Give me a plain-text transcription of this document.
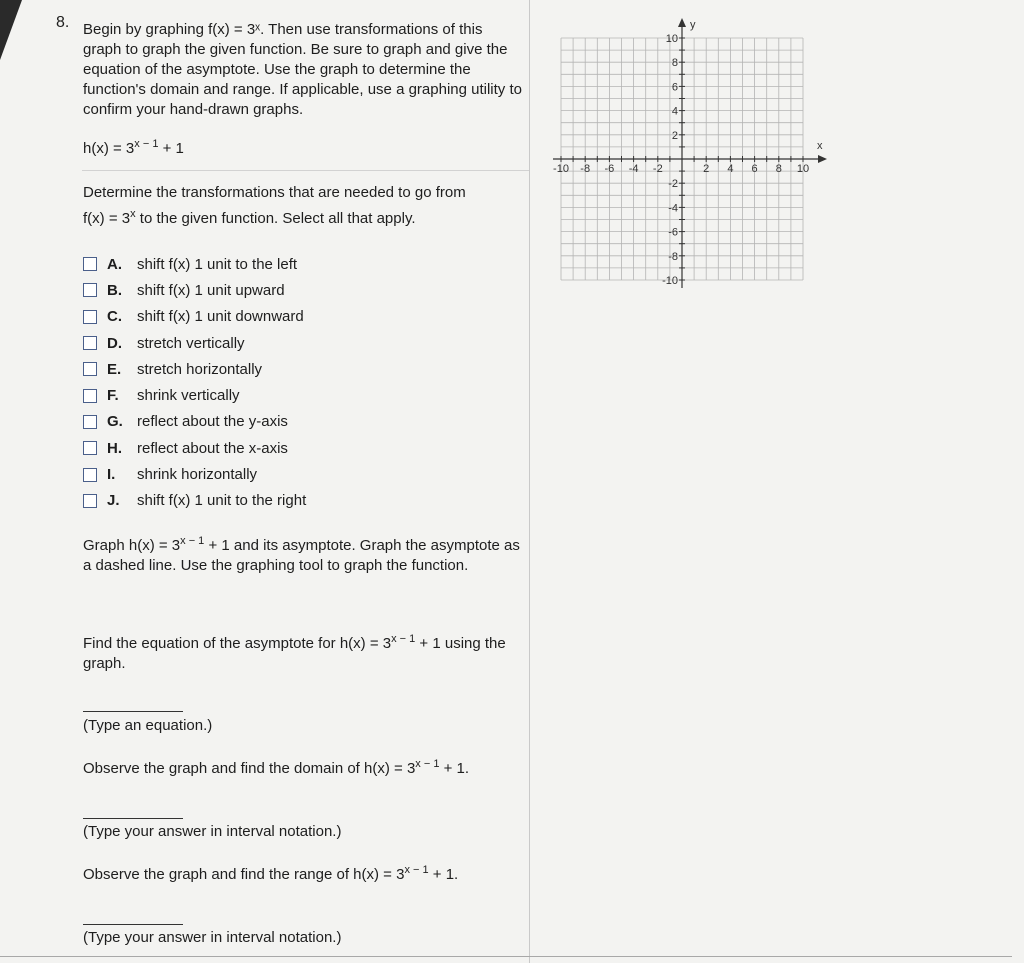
8. Begin by graphing f(x) = 3ˣ. Then use transformations of this graph to graph the given function. Be sure to graph and give the equation of the asymptote. Use the graph to determine the function's domain and range. If applicable, use a graphing utility to confirm your hand-drawn graphs.
$h(x) = 3^{x - 1} + 1$
Determine the transformations that are needed to go from
$f(x) = 3^x$ to the given function. Select all that apply.
A.	shift f(x) 1 unit to the left
B.	shift f(x) 1 unit upward
C.	shift f(x) 1 unit downward
D.	stretch vertically
E.	stretch horizontally
F.	shrink vertically
G. reflect about the y-axis
H.	reflect about the x-axis
I.	shrink horizontally
J.	shift f(x) 1 unit to the right
Graph $h(x) = 3^{x - 1} + 1$ and its asymptote. Graph the asymptote as a dashed line. Use the graphing tool to graph the function.
Find the equation of the asymptote for $h(x) = 3^{x - 1} + 1$ using the graph.
(Type an equation.)
Observe the graph and find the domain of $h(x) = 3^{x - 1} + 1$.
(Type your answer in interval notation.)
Observe the graph and find the range of $h(x) = 3^{x - 1} + 1$.
(Type your answer in interval notation.)
-10 -8 -6 -4 -2	2 4 6 8 10
10
8
6
4
2
-2
-4
-6
-8
-10
x
y
